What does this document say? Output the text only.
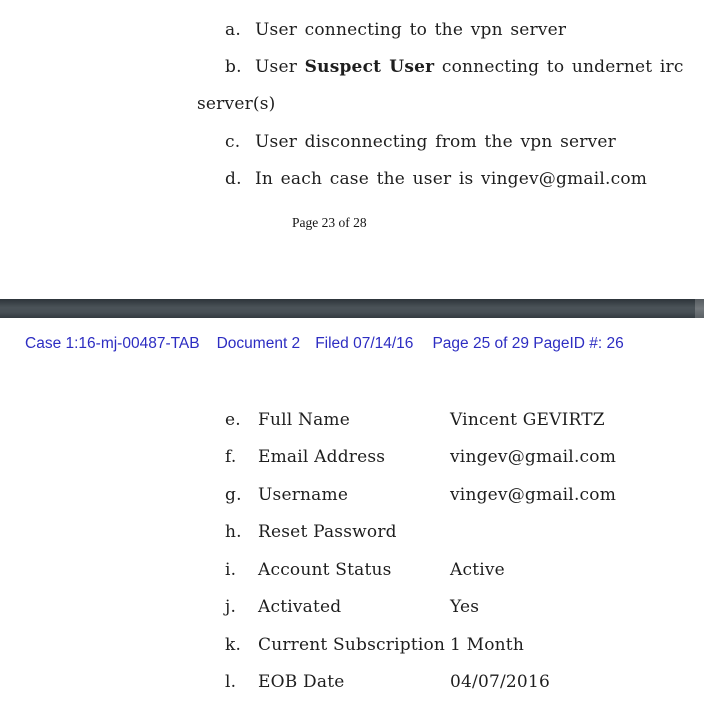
a. User connecting to the vpn server
b. User Suspect User connecting to undernet irc
server(s)
c. User disconnecting from the vpn server
d. In each case the user is vingev@gmail.com
Page 23 of 28
Case 1:16-mj-00487-TAB Document 2 Filed 07/14/16 Page 25 of 29 PageID #: 26
e.	Full Name	Vincent GEVIRTZ
f.	Email Address	vingev@gmail.com
g. Username	vingev@gmail.com
h. Reset Password
i.	Account Status	Active
j.	Activated	Yes
k. Current Subscription 1 Month
l.	EOB Date	04/07/2016
